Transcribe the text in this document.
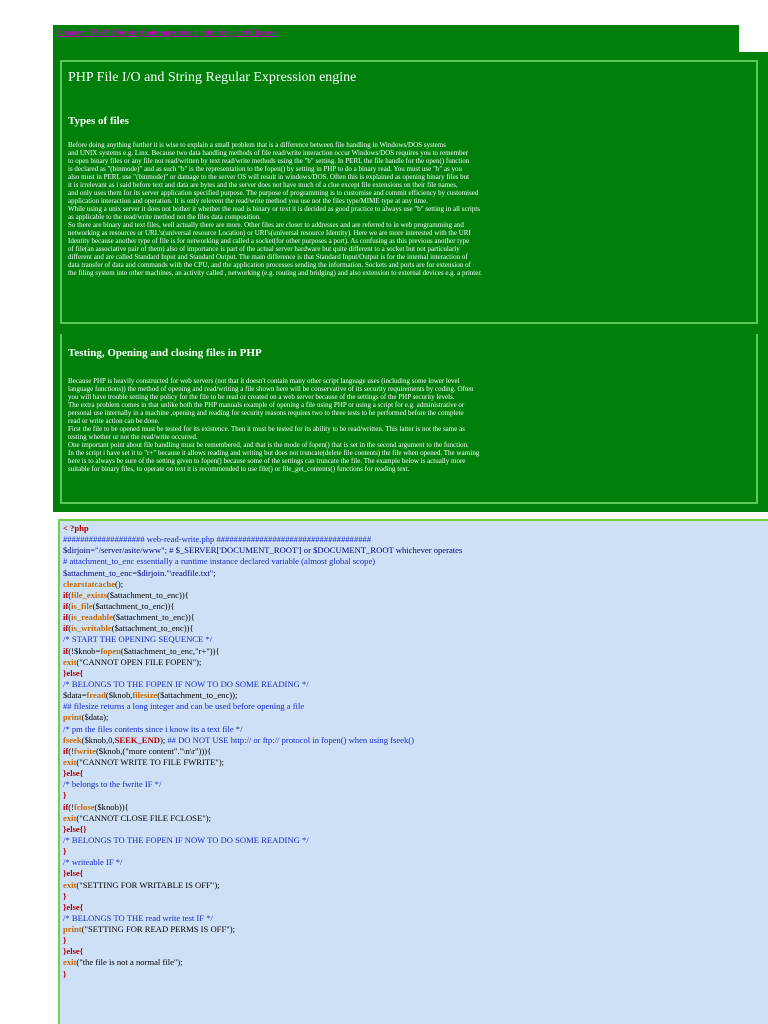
Chapter 7 PHP Objects (Code operation optimising and Classes)
PHP File I/O and String Regular Expression engine
Types of files
Before doing anything further it is wise to explain a small problem that is a difference between file handling in Windows/DOS systems
and UNIX systems e.g. Linx. Because two data handling methods of file read/write interaction occur Windows/DOS requires you to remember
to open binary files or any file not read/written by text read/write methods using the "b" setting. In PERL the file handle for the open() function
is declared as "(binmode)" and as such "b" is the representation to the fopen() by setting in PHP to do a binary read. You must use "b" as you
also must in PERL use "(binmode)" or damage to the server OS will result in windows/DOS. Often this is explained as opening binary files but
it is irrelevant as i said before text and data are bytes and the server does not have much of a clue except file extensions on their file names,
and only uses them for its server application specified purpose. The purpose of programming is to customise and commit efficiency by customised
application interaction and operation. It is only relevent the read/write method you use not the files type/MIME type at any time.
While using a unix server it does not bother it whether the read is binary or text it is decided as good practice to always use "b" setting in all scripts
as applicable to the read/write method not the files data composition.
So there are binary and text files, well actually there are more. Other files are closer to addresses and are referred to in web programming and
networking as resources or URL's(universal resource Location) or URI's(universal resource Identity). Here we are more interested with the URI
Identity because another type of file is for networking and called a socket(for other purposes a port). As confusing as this previous another type
of file(an associative pair of them) also of importance is part of the actual server hardware but quite different to a socket but not particularly
different and are called Standard Input and Standard Output. The main difference is that Standard Input/Output is for the internal interaction of
data transfer of data and commands with the CPU, and the application processes sending the information. Sockets and ports are for extension of
the filing system into other machines, an activity called , networking (e.g. routing and bridging) and also extension to external devices e.g. a printer.
Testing, Opening and closing files in PHP
Because PHP is heavily constructed for web servers (not that it doesn't contain many other script language uses (including some lower level
language functions)) the method of opening and read/writing a file shown here will be conservative of its security requirements by coding. Often
you will have trouble setting the policy for the file to be read or created on a web server because of the settings of the PHP security levels.
The extra problem comes in that unlike both the PHP manuals example of opening a file using PHP or using a script for e.g. administrative or
personal use internally in a machine ,opening and reading for security reasons requires two to three tests to be performed before the complete
read or write action can be done.
First the file to be opened must be tested for its existence. Then it must be tested for its ability to be read/written. This latter is not the same as
testing whether or not the read/write occurred.
One important point about file handling must be remembered, and that is the mode of fopen() that is set in the second argument to the function.
In the script i have set it to "r+" because it allows reading and writing but does not truncate(delete file contents) the file when opened. The warning
here is to always be sure of the setting given to fopen() because some of the settings can truncate the file. The example below is actually more
suitable for binary files, to operate on text it is recommended to use file() or file_get_contents() functions for reading text.
< ?php
################### web-read-write.php ####################################
$dirjoin="/server/asite/www"; # $_SERVER['DOCUMENT_ROOT'] or $DOCUMENT_ROOT whichever operates
# attachment_to_enc essentially a runtime instance declared variable (almost global scope)
$attachment_to_enc=$dirjoin."\readfile.txt";
clearstatcache();
if(file_exists($attachment_to_enc)){
if(is_file($attachment_to_enc)){
if(is_readable($attachment_to_enc)){
if(is_writable($attachment_to_enc)){
/* START THE OPENING SEQUENCE */
if(!$knob=fopen($attachment_to_enc,"r+")){
exit("CANNOT OPEN FILE FOPEN");
}else{
/* BELONGS TO THE FOPEN IF NOW TO DO SOME READING */
$data=fread($knob,filesize($attachment_to_enc));
## filesize returns a long integer and can be used before opening a file
print($data);
/* pm the files contents since i know its a text file */
fseek($knob,0,SEEK_END); ## DO NOT USE http:// or ftp:// protocol in fopen() when using fseek()
if(!fwrite($knob,("more content"."\n\r"))){
exit("CANNOT WRITE TO FILE FWRITE");
}else{
/* belongs to the fwrite IF */
}
if(!fclose($knob)){
exit("CANNOT CLOSE FILE FCLOSE");
}else{}
/* BELONGS TO THE FOPEN IF NOW TO DO SOME READING */
}
/* writeable IF */
}else{
exit("SETTING FOR WRITABLE IS OFF");
}
}else{
/* BELONGS TO THE read write test IF */
print("SETTING FOR READ PERMS IS OFF");
}
}else{
exit("the file is not a normal file");
}
